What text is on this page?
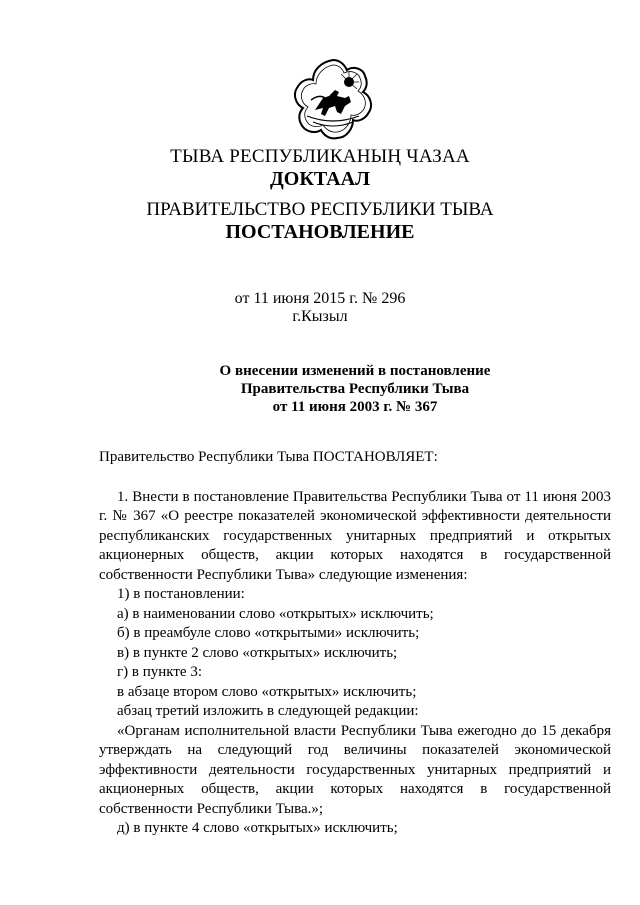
ТЫВА РЕСПУБЛИКАНЫҢ ЧАЗАА
ДОКТААЛ
ПРАВИТЕЛЬСТВО РЕСПУБЛИКИ ТЫВА
ПОСТАНОВЛЕНИЕ
от 11 июня 2015 г. № 296
г.Кызыл
О внесении изменений в постановление
Правительства Республики Тыва
от 11 июня 2003 г. № 367

Правительство Республики Тыва ПОСТАНОВЛЯЕТ:

1. Внести в постановление Правительства Республики Тыва от 11 июня 2003 г. № 367 «О реестре показателей экономической эффективности деятельности республиканских государственных унитарных предприятий и открытых акционерных обществ, акции которых находятся в государственной собственности Республики Тыва» следующие изменения:

1) в постановлении:

а) в наименовании слово «открытых» исключить;

б) в преамбуле слово «открытыми» исключить;

в) в пункте 2 слово «открытых» исключить;

г) в пункте 3:

в абзаце втором слово «открытых» исключить;

абзац третий изложить в следующей редакции:

«Органам исполнительной власти Республики Тыва ежегодно до 15 декабря утверждать на следующий год величины показателей экономической эффективности деятельности государственных унитарных предприятий и акционерных обществ, акции которых находятся в государственной собственности Республики Тыва.»;

д) в пункте 4 слово «открытых» исключить;
